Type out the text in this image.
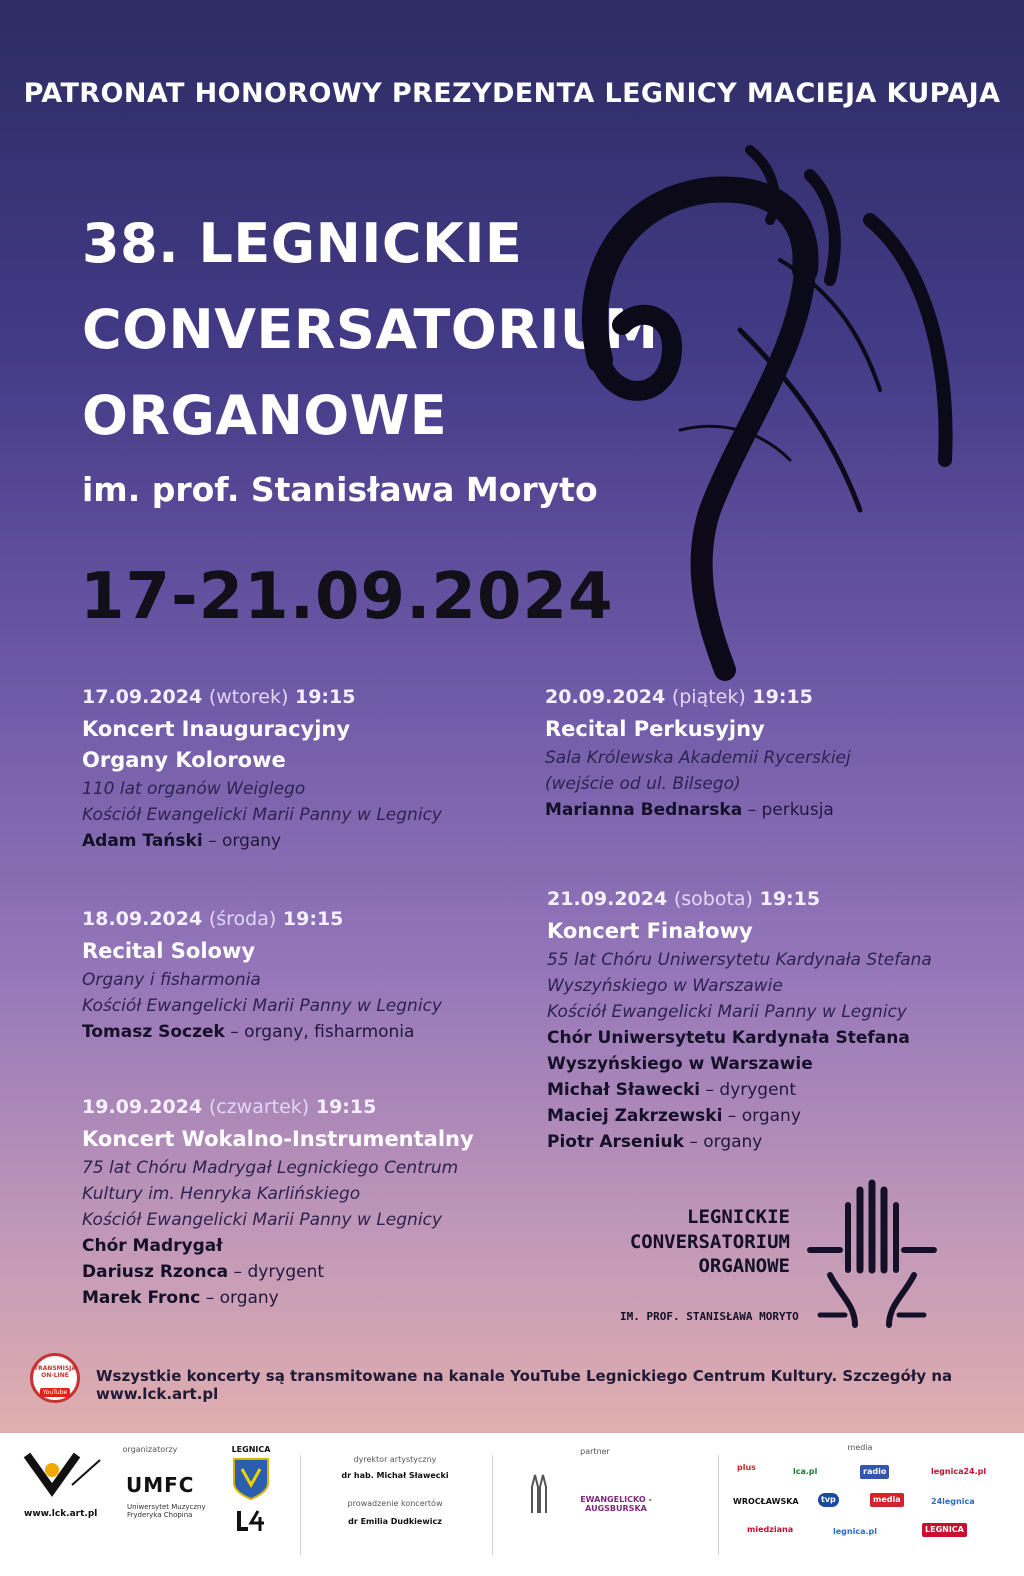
PATRONAT HONOROWY PREZYDENTA LEGNICY MACIEJA KUPAJA
38. LEGNICKIE
CONVERSATORIUM
ORGANOWE
im. prof. Stanisława Moryto
17-21.09.2024
17.09.2024 (wtorek) 19:15
Koncert Inauguracyjny
Organy Kolorowe
110 lat organów Weiglego
Kościół Ewangelicki Marii Panny w Legnicy
Adam Tański – organy
18.09.2024 (środa) 19:15
Recital Solowy
Organy i fisharmonia
Kościół Ewangelicki Marii Panny w Legnicy
Tomasz Soczek – organy, fisharmonia
19.09.2024 (czwartek) 19:15
Koncert Wokalno-Instrumentalny
75 lat Chóru Madrygał Legnickiego Centrum
Kultury im. Henryka Karlińskiego
Kościół Ewangelicki Marii Panny w Legnicy
Chór Madrygał
Dariusz Rzonca – dyrygent
Marek Fronc – organy
20.09.2024 (piątek) 19:15
Recital Perkusyjny
Sala Królewska Akademii Rycerskiej
(wejście od ul. Bilsego)
Marianna Bednarska – perkusja
21.09.2024 (sobota) 19:15
Koncert Finałowy
55 lat Chóru Uniwersytetu Kardynała Stefana
Wyszyńskiego w Warszawie
Kościół Ewangelicki Marii Panny w Legnicy
Chór Uniwersytetu Kardynała Stefana
Wyszyńskiego w Warszawie
Michał Sławecki – dyrygent
Maciej Zakrzewski – organy
Piotr Arseniuk – organy
LEGNICKIE
CONVERSATORIUM
ORGANOWE
IM. PROF. STANISŁAWA MORYTO
TRANSMISJA
ON-LINE
YouTube
Wszystkie koncerty są transmitowane na kanale YouTube Legnickiego Centrum Kultury. Szczegóły na www.lck.art.pl
www.lck.art.pl
organizatorzy
UMFC
Uniwersytet Muzyczny
Fryderyka Chopina
LEGNICA
dyrektor artystyczny
dr hab. Michał Sławecki
prowadzenie koncertów
dr Emilia Dudkiewicz
partner
EWANGELICKO - AUGSBURSKA
media
plus	lca.pl	radio	legnica24.pl
WROCŁAWSKA	tvp	media	24legnica
miedziana	legnica.pl	LEGNICA
